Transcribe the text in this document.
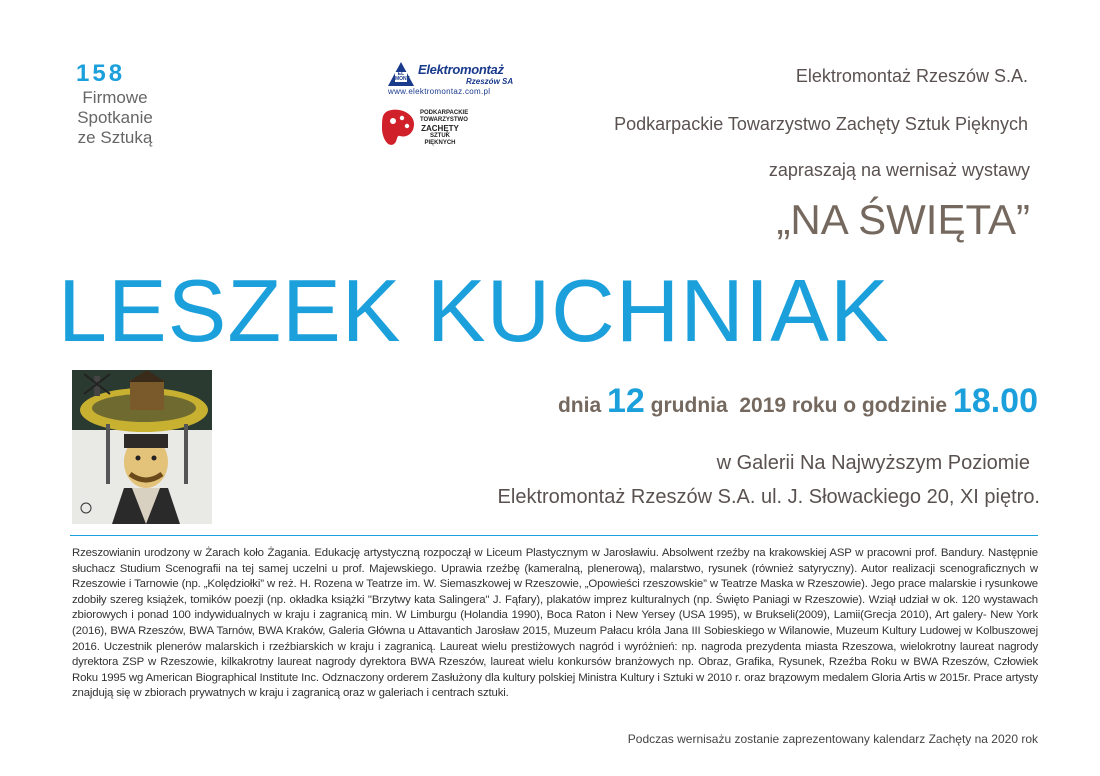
158
Firmowe
Spotkanie
ze Sztuką
EL MONT
Elektromontaż
Rzeszów SA
www.elektromontaz.com.pl
PODKARPACKIE
TOWARZYSTWO
ZACHĘTY
SZTUK PIĘKNYCH
Elektromontaż Rzeszów S.A.
Podkarpackie Towarzystwo Zachęty Sztuk Pięknych
zapraszają na wernisaż wystawy
„NA ŚWIĘTA”
LESZEK KUCHNIAK
dnia 12 grudnia 2019 roku o godzinie 18.00
w Galerii Na Najwyższym Poziomie
Elektromontaż Rzeszów S.A. ul. J. Słowackiego 20, XI piętro.
Rzeszowianin urodzony w Żarach koło Żagania. Edukację artystyczną rozpoczął w Liceum Plastycznym w Jarosławiu. Absolwent rzeźby na krakowskiej ASP w pracowni prof. Bandury. Następnie słuchacz Studium Scenografii na tej samej uczelni u prof. Majewskiego. Uprawia rzeźbę (kameralną, plenerową), malarstwo, rysunek (również satyryczny). Autor realizacji scenograficznych w Rzeszowie i Tarnowie (np. „Kolędziołki” w reż. H. Rozena w Teatrze im. W. Siemaszkowej w Rzeszowie, „Opowieści rzeszowskie” w Teatrze Maska w Rzeszowie). Jego prace malarskie i rysunkowe zdobiły szereg książek, tomików poezji (np. okładka książki "Brzytwy kata Salingera" J. Fąfary), plakatów imprez kulturalnych (np. Święto Paniagi w Rzeszowie). Wziął udział w ok. 120 wystawach zbiorowych i ponad 100 indywidualnych w kraju i zagranicą min. W Limburgu (Holandia 1990), Boca Raton i New Yersey (USA 1995), w Brukseli(2009), Lamii(Grecja 2010), Art galery- New York (2016), BWA Rzeszów, BWA Tarnów, BWA Kraków, Galeria Główna u Attavantich Jarosław 2015, Muzeum Pałacu króla Jana III Sobieskiego w Wilanowie, Muzeum Kultury Ludowej w Kolbuszowej 2016. Uczestnik plenerów malarskich i rzeźbiarskich w kraju i zagranicą. Laureat wielu prestiżowych nagród i wyróżnień: np. nagroda prezydenta miasta Rzeszowa, wielokrotny laureat nagrody dyrektora ZSP w Rzeszowie, kilkakrotny laureat nagrody dyrektora BWA Rzeszów, laureat wielu konkursów branżowych np. Obraz, Grafika, Rysunek, Rzeźba Roku w BWA Rzeszów, Człowiek Roku 1995 wg American Biographical Institute Inc. Odznaczony orderem Zasłużony dla kultury polskiej Ministra Kultury i Sztuki w 2010 r. oraz brązowym medalem Gloria Artis w 2015r. Prace artysty znajdują się w zbiorach prywatnych w kraju i zagranicą oraz w galeriach i centrach sztuki.
Podczas wernisażu zostanie zaprezentowany kalendarz Zachęty na 2020 rok
